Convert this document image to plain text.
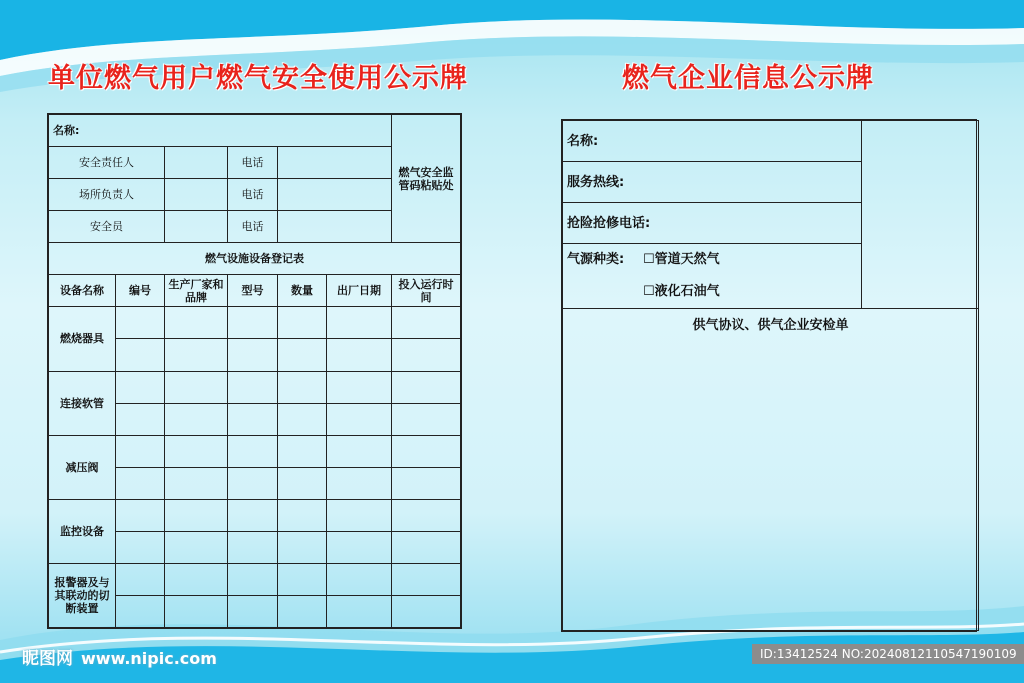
单位燃气用户燃气安全使用公示牌	燃气企业信息公示牌
名称:						燃气安全监管码粘贴处
安全责任人			电话			
场所负责人			电话			
安全员			电话			
燃气设施设备登记表						
设备名称	编号	生产厂家和品牌	型号	数量	出厂日期	投入运行时间
燃烧器具						

连接软管						

减压阀						

监控设备						

报警器及与其联动的切断装置						

名称:	
服务热线:
抢险抢修电话:

气源种类: ☐管道天然气
☐液化石油气

供气协议、供气企业安检单
昵图网 www.nipic.com	ID:13412524 NO:20240812110547190109
